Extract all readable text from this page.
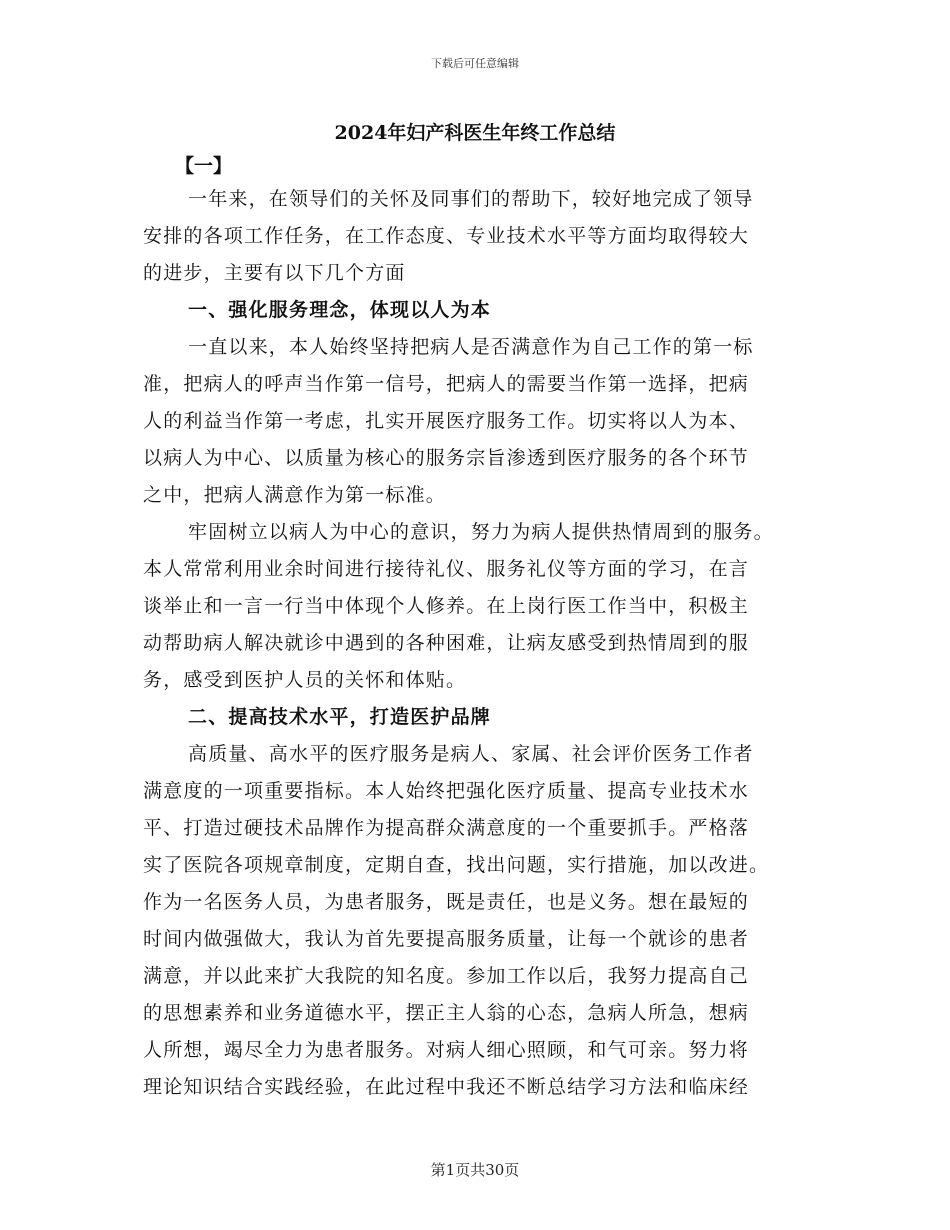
下载后可任意编辑
2024年妇产科医生年终工作总结
【一】
一年来，在领导们的关怀及同事们的帮助下，较好地完成了领导
安排的各项工作任务，在工作态度、专业技术水平等方面均取得较大
的进步，主要有以下几个方面
一、强化服务理念，体现以人为本
一直以来，本人始终坚持把病人是否满意作为自己工作的第一标
准，把病人的呼声当作第一信号，把病人的需要当作第一选择，把病
人的利益当作第一考虑，扎实开展医疗服务工作。切实将以人为本、
以病人为中心、以质量为核心的服务宗旨渗透到医疗服务的各个环节
之中，把病人满意作为第一标准。
牢固树立以病人为中心的意识，努力为病人提供热情周到的服务。
本人常常利用业余时间进行接待礼仪、服务礼仪等方面的学习，在言
谈举止和一言一行当中体现个人修养。在上岗行医工作当中，积极主
动帮助病人解决就诊中遇到的各种困难，让病友感受到热情周到的服
务，感受到医护人员的关怀和体贴。
二、提高技术水平，打造医护品牌
高质量、高水平的医疗服务是病人、家属、社会评价医务工作者
满意度的一项重要指标。本人始终把强化医疗质量、提高专业技术水
平、打造过硬技术品牌作为提高群众满意度的一个重要抓手。严格落
实了医院各项规章制度，定期自查，找出问题，实行措施，加以改进。
作为一名医务人员，为患者服务，既是责任，也是义务。想在最短的
时间内做强做大，我认为首先要提高服务质量，让每一个就诊的患者
满意，并以此来扩大我院的知名度。参加工作以后，我努力提高自己
的思想素养和业务道德水平，摆正主人翁的心态，急病人所急，想病
人所想，竭尽全力为患者服务。对病人细心照顾，和气可亲。努力将
理论知识结合实践经验，在此过程中我还不断总结学习方法和临床经
第1页共30页
